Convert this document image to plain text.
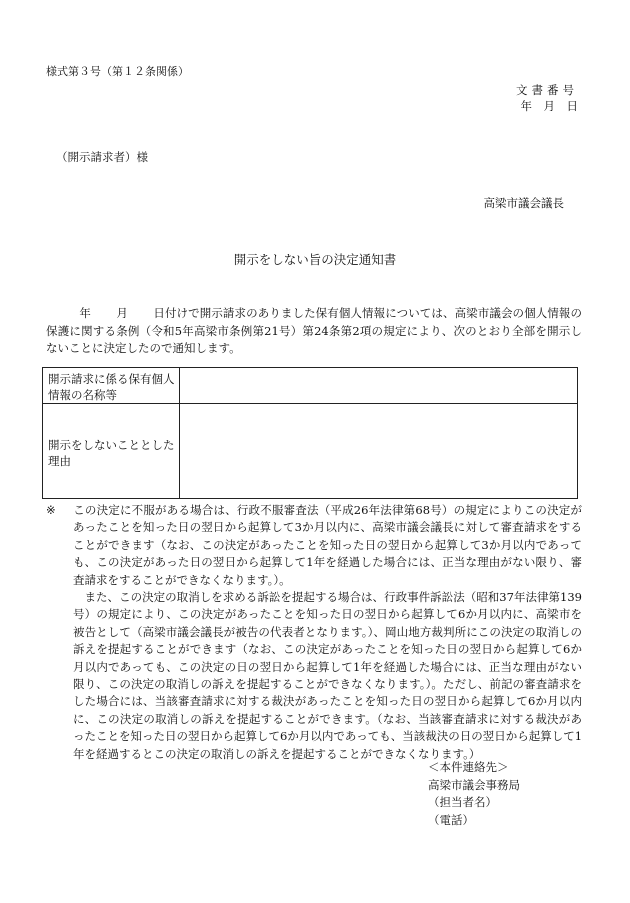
様式第３号（第１２条関係）
文書番号
年　月　日
（開示請求者）様
高梁市議会議長
開示をしない旨の決定通知書
年 月 日付けで開示請求のありました保有個人情報については、高梁市議会の個人情報の保護に関する条例（令和5年高梁市条例第21号）第24条第2項の規定により、次のとおり全部を開示しないことに決定したので通知します。
開示請求に係る保有個人情報の名称等	
開示をしないこととした理由	

※ この決定に不服がある場合は、行政不服審査法（平成26年法律第68号）の規定によりこの決定があったことを知った日の翌日から起算して3か月以内に、高梁市議会議長に対して審査請求をすることができます（なお、この決定があったことを知った日の翌日から起算して3か月以内であっても、この決定があった日の翌日から起算して1年を経過した場合には、正当な理由がない限り、審査請求をすることができなくなります。）。

また、この決定の取消しを求める訴訟を提起する場合は、行政事件訴訟法（昭和37年法律第139号）の規定により、この決定があったことを知った日の翌日から起算して6か月以内に、高梁市を被告として（高梁市議会議長が被告の代表者となります。）、岡山地方裁判所にこの決定の取消しの訴えを提起することができます（なお、この決定があったことを知った日の翌日から起算して6か月以内であっても、この決定の日の翌日から起算して1年を経過した場合には、正当な理由がない限り、この決定の取消しの訴えを提起することができなくなります。）。ただし、前記の審査請求をした場合には、当該審査請求に対する裁決があったことを知った日の翌日から起算して6か月以内に、この決定の取消しの訴えを提起することができます。（なお、当該審査請求に対する裁決があったことを知った日の翌日から起算して6か月以内であっても、当該裁決の日の翌日から起算して1年を経過するとこの決定の取消しの訴えを提起することができなくなります。）

＜本件連絡先＞
高梁市議会事務局
（担当者名）
（電話）
